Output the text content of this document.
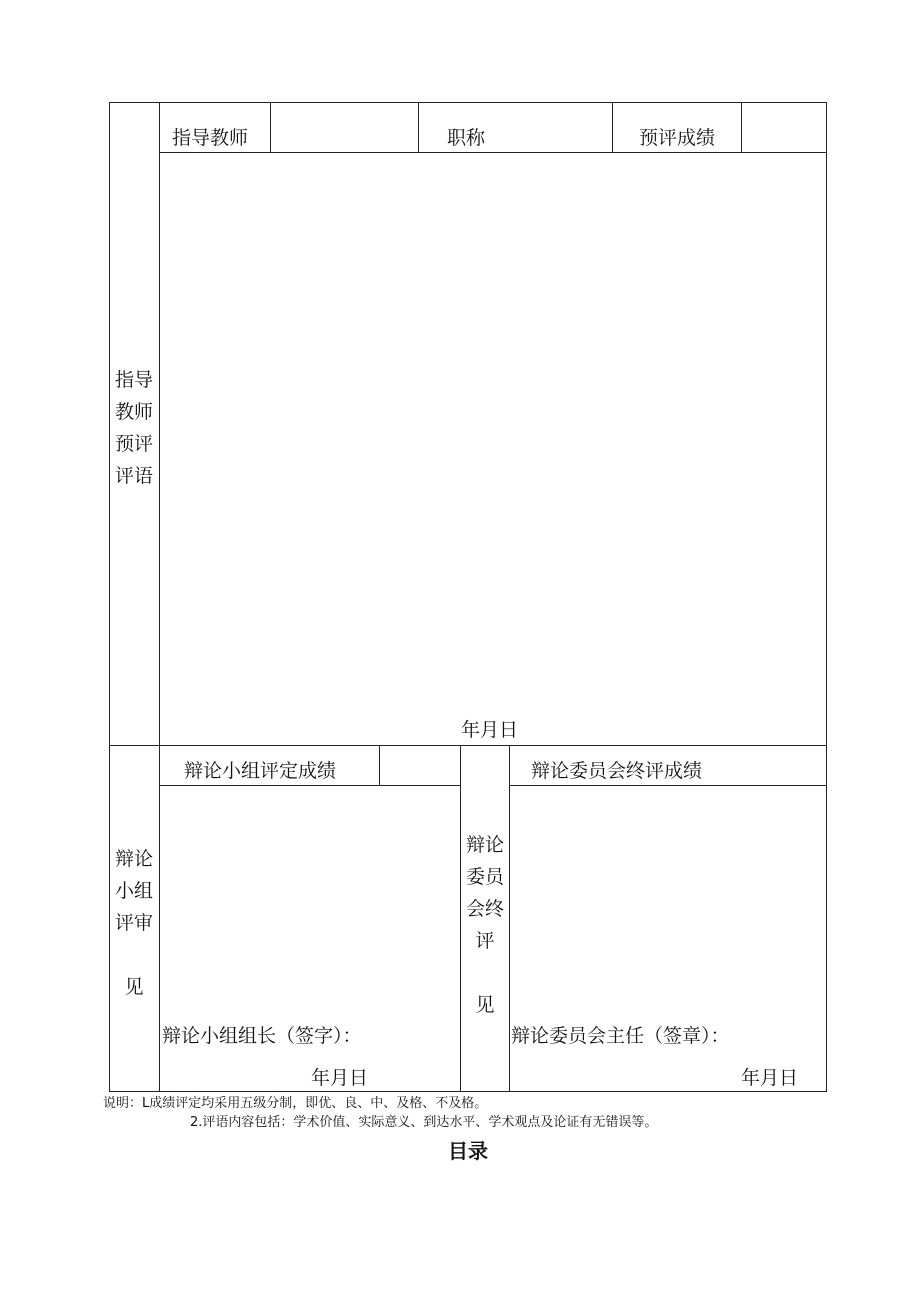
指导
教师
预评
评语
指导教师	职称	预评成绩
年月日
辩论
小组
评审

见
辩论小组评定成绩
辩论小组组长（签字）：
年月日
辩论
委员
会终
评

见
辩论委员会终评成绩
辩论委员会主任（签章）：
年月日
说明：L成绩评定均采用五级分制，即优、良、中、及格、不及格。
2.评语内容包括：学术价值、实际意义、到达水平、学术观点及论证有无错误等。
目录
